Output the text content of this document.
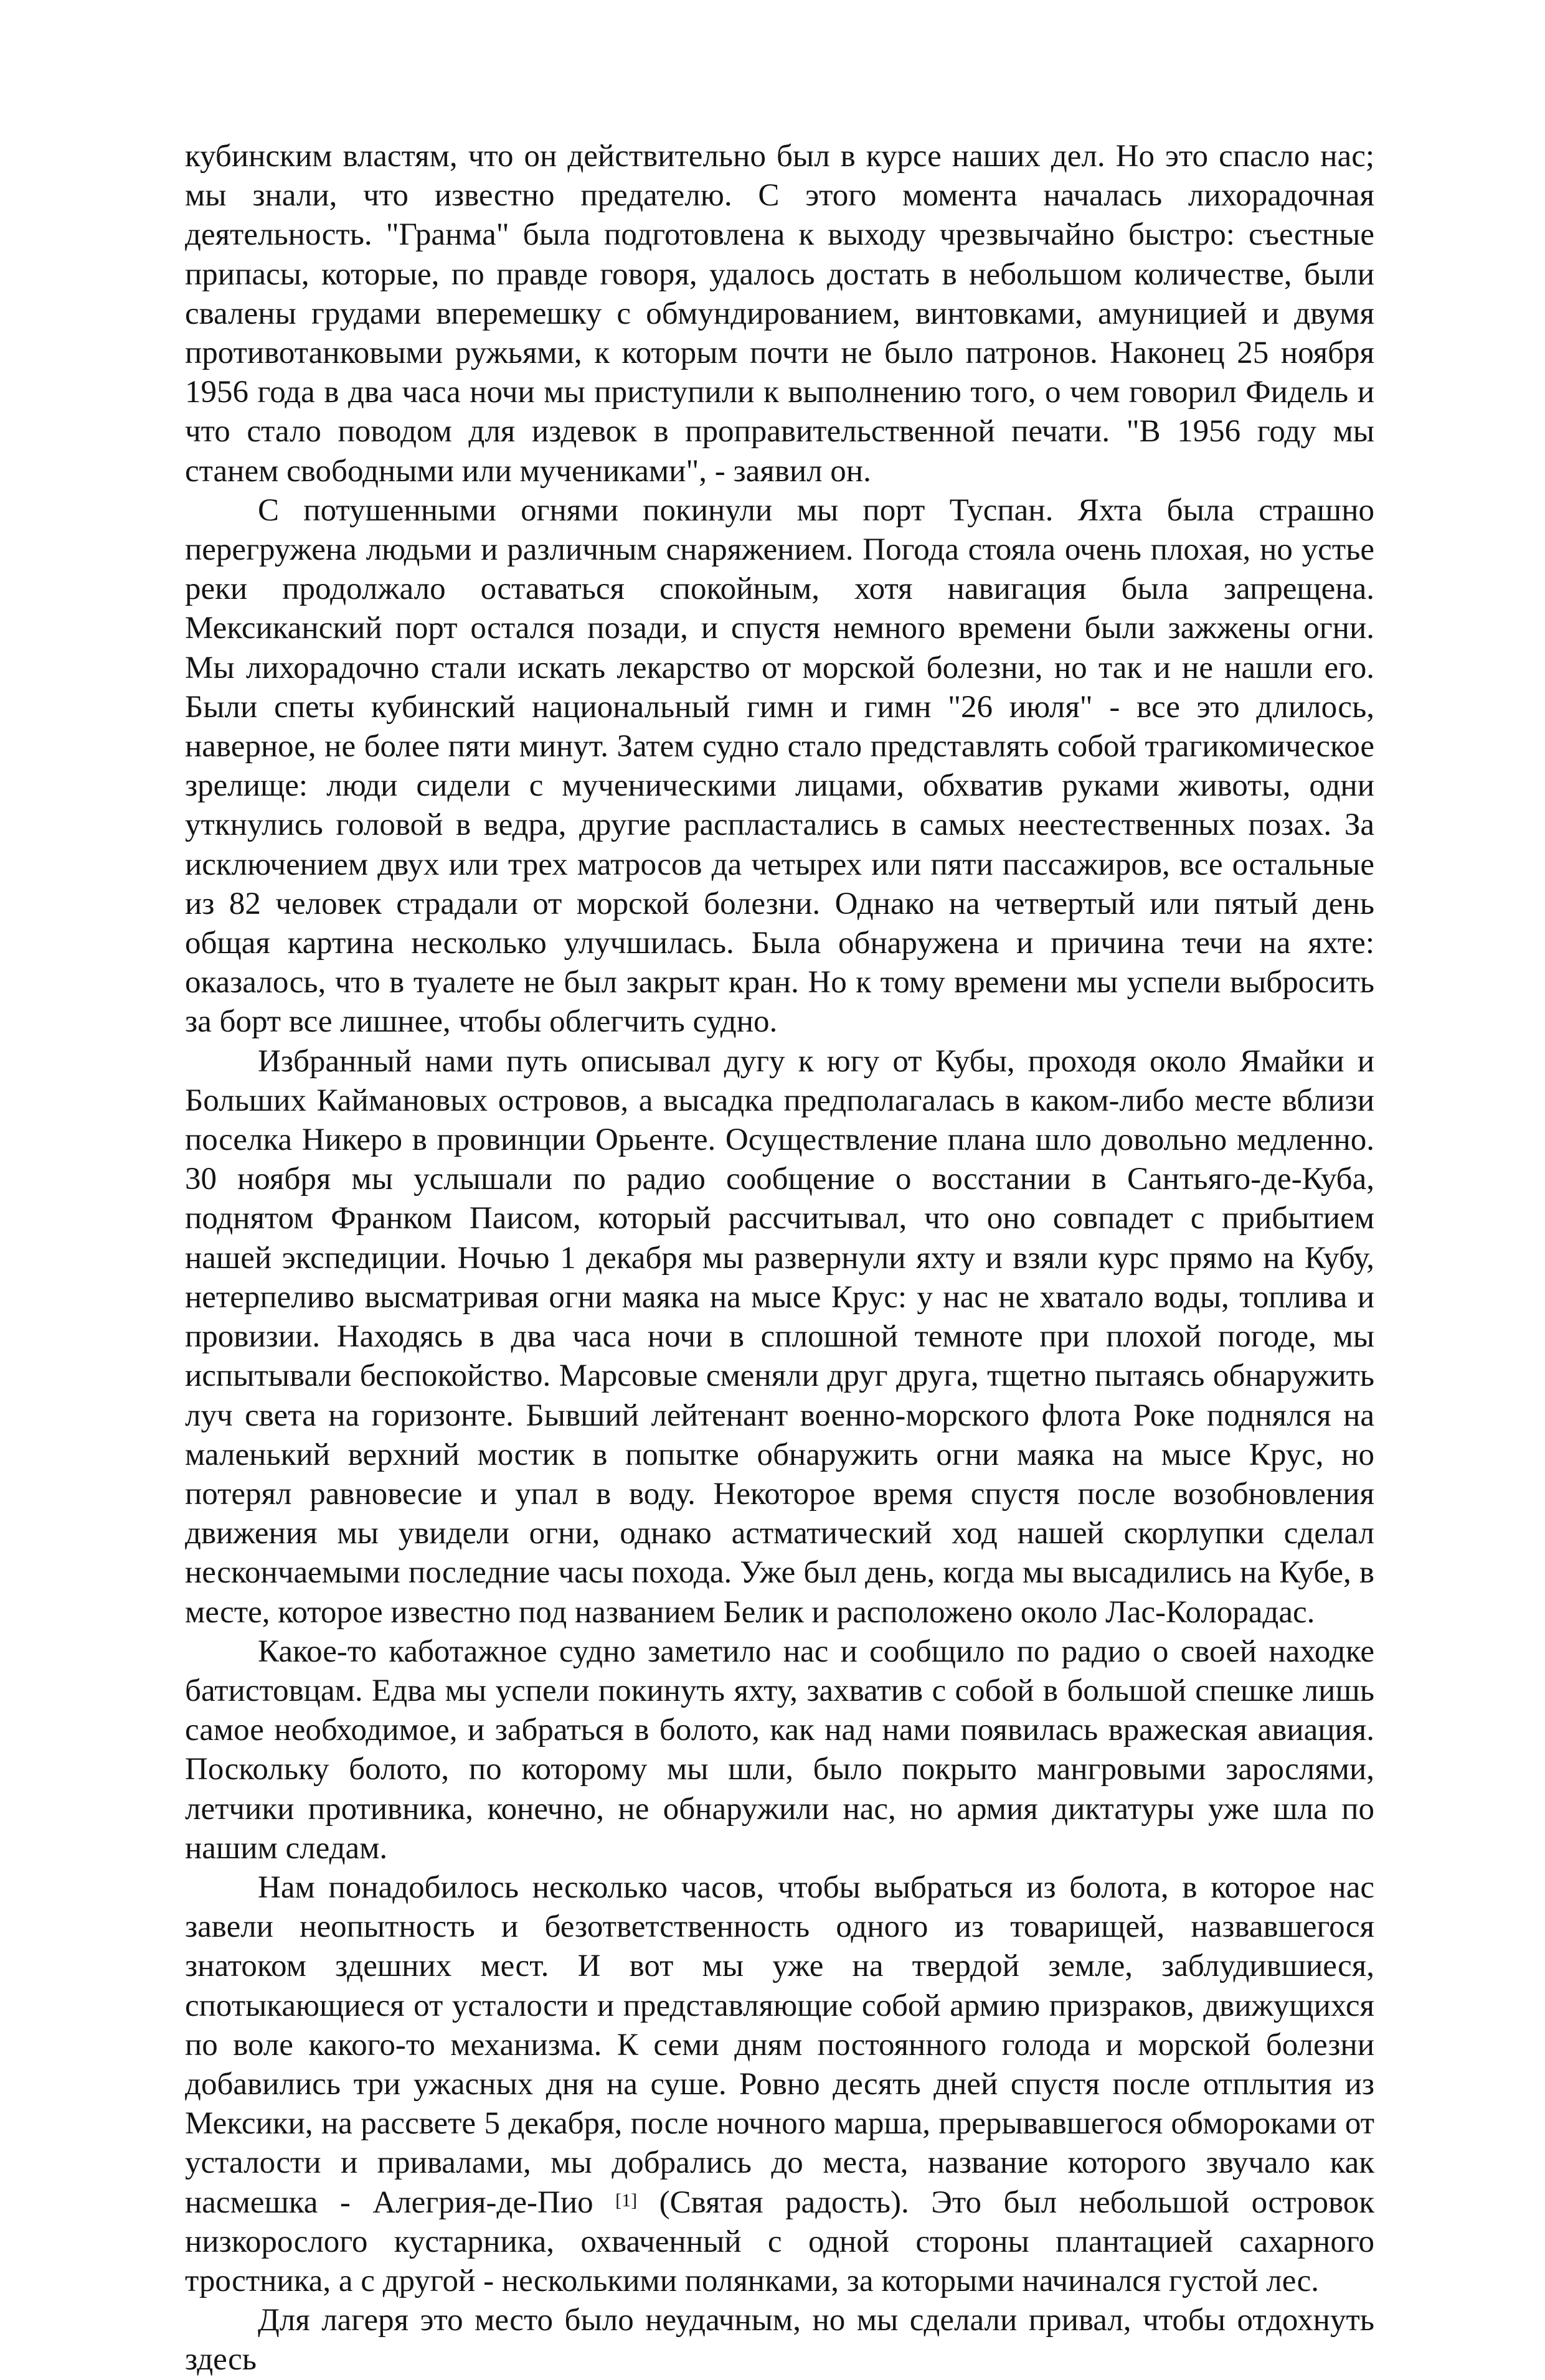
кубинским властям, что он действительно был в курсе наших дел. Но это спасло нас; мы знали, что известно предателю. С этого момента началась лихорадочная деятельность. "Гранма" была подготовлена к выходу чрезвычайно быстро: съестные припасы, которые, по правде говоря, удалось достать в небольшом количестве, были свалены грудами вперемешку с обмундированием, винтовками, амуницией и двумя противотанковыми ружьями, к которым почти не было патронов. Наконец 25 ноября 1956 года в два часа ночи мы приступили к выполнению того, о чем говорил Фидель и что стало поводом для издевок в проправительственной печати. "В 1956 году мы станем свободными или мучениками", - заявил он.

С потушенными огнями покинули мы порт Туспан. Яхта была страшно перегружена людьми и различным снаряжением. Погода стояла очень плохая, но устье реки продолжало оставаться спокойным, хотя навигация была запрещена. Мексиканский порт остался позади, и спустя немного времени были зажжены огни. Мы лихорадочно стали искать лекарство от морской болезни, но так и не нашли его. Были спеты кубинский национальный гимн и гимн "26 июля" - все это длилось, наверное, не более пяти минут. Затем судно стало представлять собой трагикомическое зрелище: люди сидели с мученическими лицами, обхватив руками животы, одни уткнулись головой в ведра, другие распластались в самых неестественных позах. За исключением двух или трех матросов да четырех или пяти пассажиров, все остальные из 82 человек страдали от морской болезни. Однако на четвертый или пятый день общая картина несколько улучшилась. Была обнаружена и причина течи на яхте: оказалось, что в туалете не был закрыт кран. Но к тому времени мы успели выбросить за борт все лишнее, чтобы облегчить судно.

Избранный нами путь описывал дугу к югу от Кубы, проходя около Ямайки и Больших Каймановых островов, а высадка предполагалась в каком-либо месте вблизи поселка Никеро в провинции Орьенте. Осуществление плана шло довольно медленно. 30 ноября мы услышали по радио сообщение о восстании в Сантьяго-де-Куба, поднятом Франком Паисом, который рассчитывал, что оно совпадет с прибытием нашей экспедиции. Ночью 1 декабря мы развернули яхту и взяли курс прямо на Кубу, нетерпеливо высматривая огни маяка на мысе Крус: у нас не хватало воды, топлива и провизии. Находясь в два часа ночи в сплошной темноте при плохой погоде, мы испытывали беспокойство. Марсовые сменяли друг друга, тщетно пытаясь обнаружить луч света на горизонте. Бывший лейтенант военно-морского флота Роке поднялся на маленький верхний мостик в попытке обнаружить огни маяка на мысе Крус, но потерял равновесие и упал в воду. Некоторое время спустя после возобновления движения мы увидели огни, однако астматический ход нашей скорлупки сделал нескончаемыми последние часы похода. Уже был день, когда мы высадились на Кубе, в месте, которое известно под названием Белик и расположено около Лас-Колорадас.

Какое-то каботажное судно заметило нас и сообщило по радио о своей находке батистовцам. Едва мы успели покинуть яхту, захватив с собой в большой спешке лишь самое необходимое, и забраться в болото, как над нами появилась вражеская авиация. Поскольку болото, по которому мы шли, было покрыто мангровыми зарослями, летчики противника, конечно, не обнаружили нас, но армия диктатуры уже шла по нашим следам.

Нам понадобилось несколько часов, чтобы выбраться из болота, в которое нас завели неопытность и безответственность одного из товарищей, назвавшегося знатоком здешних мест. И вот мы уже на твердой земле, заблудившиеся, спотыкающиеся от усталости и представляющие собой армию призраков, движущихся по воле какого-то механизма. К семи дням постоянного голода и морской болезни добавились три ужасных дня на суше. Ровно десять дней спустя после отплытия из Мексики, на рассвете 5 декабря, после ночного марша, прерывавшегося обмороками от усталости и привалами, мы добрались до места, название которого звучало как насмешка - Алегрия-де-Пио [1] (Святая радость). Это был небольшой островок низкорослого кустарника, охваченный с одной стороны плантацией сахарного тростника, а с другой - несколькими полянками, за которыми начинался густой лес.

Для лагеря это место было неудачным, но мы сделали привал, чтобы отдохнуть здесь
